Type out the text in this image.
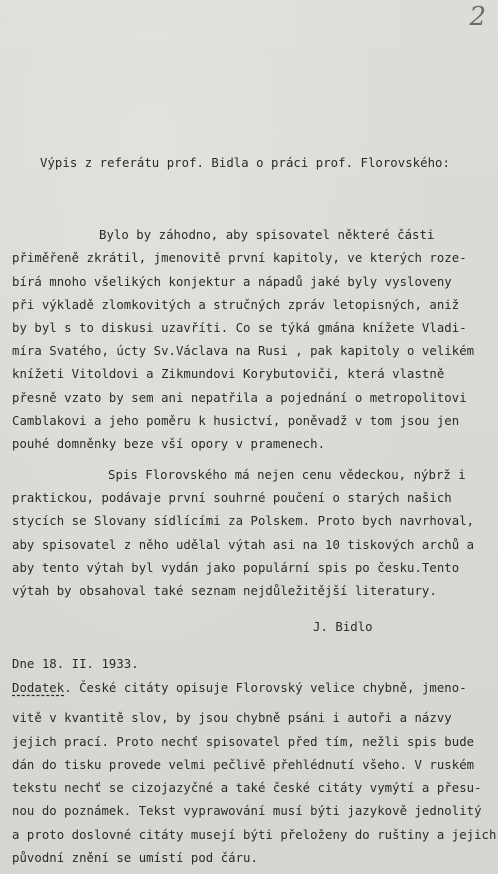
2
Výpis z referátu prof. Bidla o práci prof. Florovského:
Bylo by záhodno, aby spisovatel některé části
přiměřeně zkrátil, jmenovitě první kapitoly, ve kterých roze-
bírá mnoho všelikých konjektur a nápadů jaké byly vysloveny
při výkladě zlomkovitých a stručných zpráv letopisných, aniž
by byl s to diskusi uzavříti. Co se týká gmána knížete Vladi-
míra Svatého, úcty Sv.Václava na Rusi , pak kapitoly o velikém
knížeti Vitoldovi a Zikmundovi Korybutoviči, která vlastně
přesně vzato by sem ani nepatřila a pojednání o metropolitovi
Camblakovi a jeho poměru k husictví, poněvadž v tom jsou jen
pouhé domněnky beze vší opory v pramenech.
Spis Florovského má nejen cenu vědeckou, nýbrž i
praktickou, podávaje první souhrné poučení o starých našich
stycích se Slovany sídlícími za Polskem. Proto bych navrhoval,
aby spisovatel z něho udělal výtah asi na 10 tiskových archů a
aby tento výtah byl vydán jako populární spis po česku.Tento
výtah by obsahoval také seznam nejdůležitější literatury.
J. Bidlo
Dne 18. II. 1933.
Dodatek. České citáty opisuje Florovský velice chybně, jmeno-
vitě v kvantitě slov, by jsou chybně psáni i autoři a názvy
jejich prací. Proto nechť spisovatel před tím, nežli spis bude
dán do tisku provede velmi pečlivě přehlédnutí všeho. V ruském
tekstu nechť se cizojazyčné a také české citáty vymýtí a přesu-
nou do poznámek. Tekst vyprawování musí býti jazykově jednolitý
a proto doslovné citáty musejí býti přeloženy do ruštiny a jejich
původní znění se umístí pod čáru.
